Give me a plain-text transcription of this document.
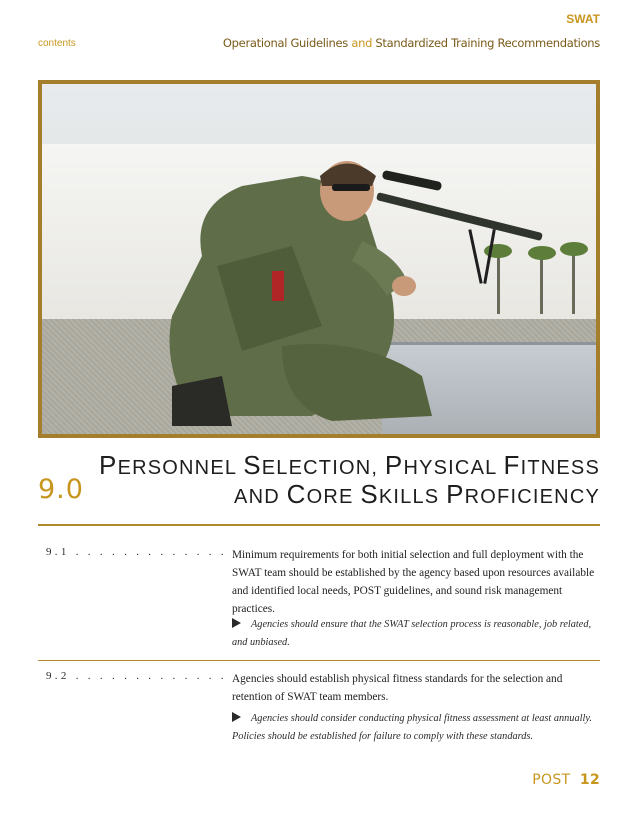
SWAT
contents	Operational Guidelines and Standardized Training Recommendations
PERSONNEL SELECTION, PHYSICAL FITNESS
AND CORE SKILLS PROFICIENCY
9.0
9.1 . . . . . . . . . . . . . Minimum requirements for both initial selection and full deployment with the SWAT team should be established by the agency based upon resources available and identified local needs, POST guidelines, and sound risk management practices.
Agencies should ensure that the SWAT selection process is reasonable, job related, and unbiased.
9.2 . . . . . . . . . . . . . Agencies should establish physical fitness standards for the selection and retention of SWAT team members.
Agencies should consider conducting physical fitness assessment at least annually. Policies should be established for failure to comply with these standards.
POST 12
